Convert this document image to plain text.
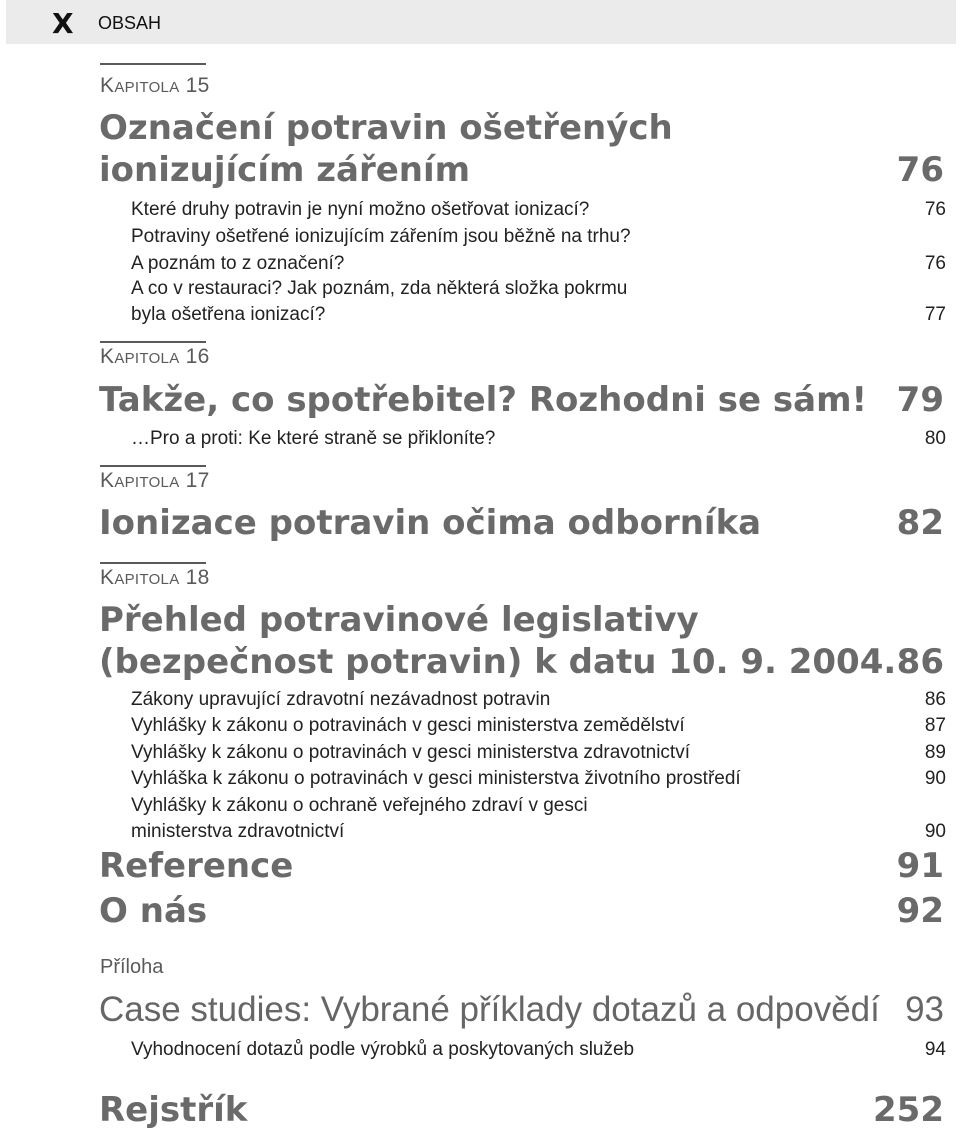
X OBSAH
KAPITOLA 15
Označení potravin ošetřených
ionizujícím zářením	76
Které druhy potravin je nyní možno ošetřovat ionizací?	76
Potraviny ošetřené ionizujícím zářením jsou běžně na trhu?
A poznám to z označení?	76
A co v restauraci? Jak poznám, zda některá složka pokrmu
byla ošetřena ionizací?	77
KAPITOLA 16
Takže, co spotřebitel? Rozhodni se sám! 79
…Pro a proti: Ke které straně se přikloníte?	80
KAPITOLA 17
Ionizace potravin očima odborníka	82
KAPITOLA 18
Přehled potravinové legislativy
(bezpečnost potravin) k datu 10. 9. 2004. 86
Zákony upravující zdravotní nezávadnost potravin	86
Vyhlášky k zákonu o potravinách v gesci ministerstva zemědělství	87
Vyhlášky k zákonu o potravinách v gesci ministerstva zdravotnictví	89
Vyhláška k zákonu o potravinách v gesci ministerstva životního prostředí	90
Vyhlášky k zákonu o ochraně veřejného zdraví v gesci
ministerstva zdravotnictví	90
Reference	91
O nás	92
Příloha
Case studies: Vybrané příklady dotazů a odpovědí 93
Vyhodnocení dotazů podle výrobků a poskytovaných služeb	94
Rejstřík	252
